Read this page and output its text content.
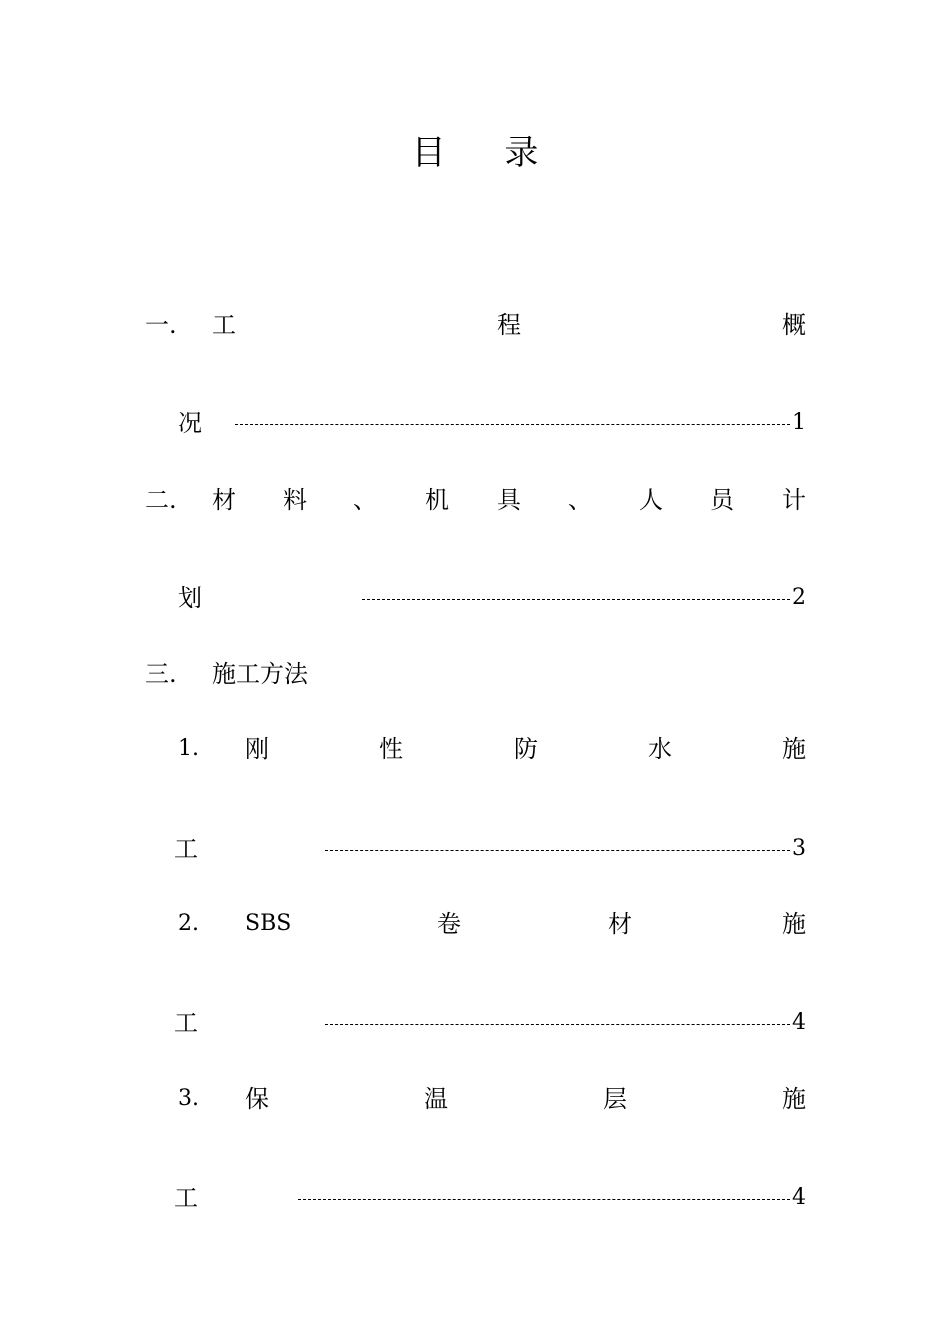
目 录
一. 工	程	概
况	1
二. 材 料 、 机 具 、 人 员 计
划	2
三. 施工方法
1. 刚	性	防	水	施
工	3
2. SBS	卷	材	施
工	4
3. 保	温	层	施
工	4
